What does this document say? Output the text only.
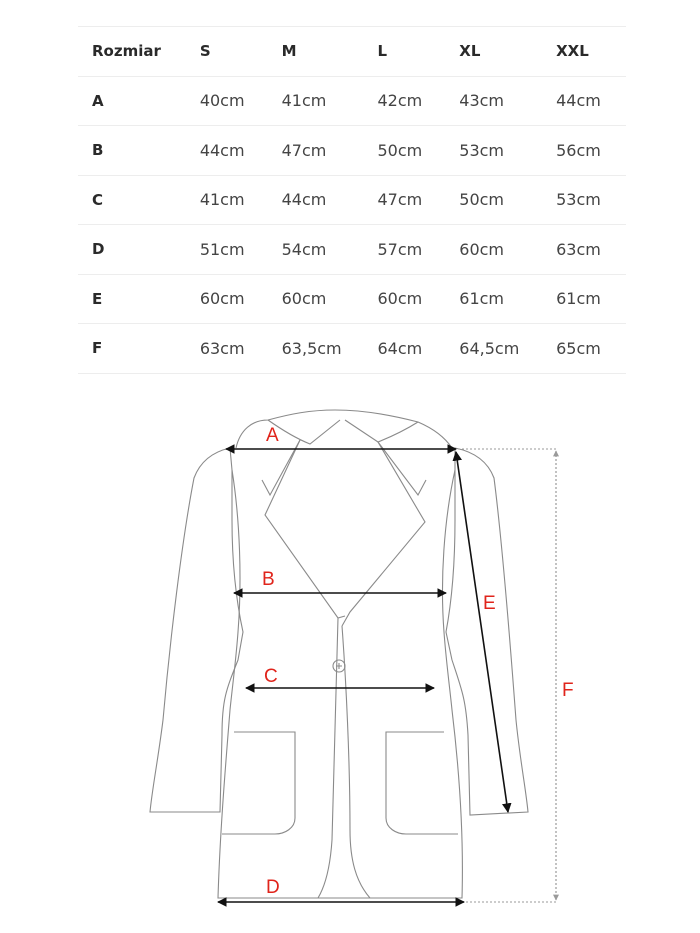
Rozmiar	S	M	L	XL	XXL
A	40cm	41cm	42cm	43cm	44cm
B	44cm	47cm	50cm	53cm	56cm
C	41cm	44cm	47cm	50cm	53cm
D	51cm	54cm	57cm	60cm	63cm
E	60cm	60cm	60cm	61cm	61cm
F	63cm	63,5cm	64cm	64,5cm	65cm
A
B
C
D
E
F
